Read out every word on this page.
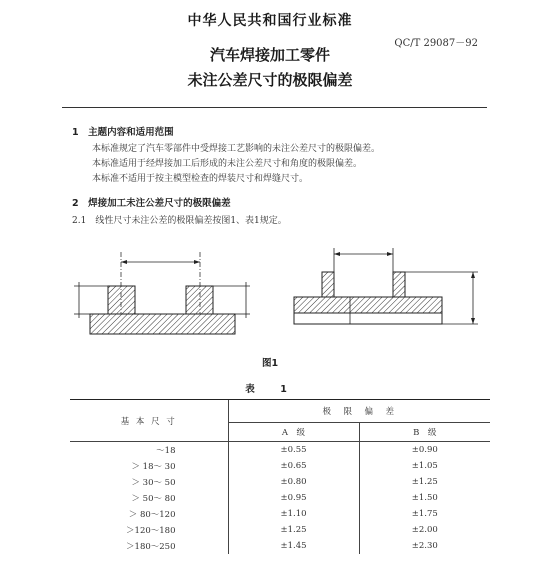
中华人民共和国行业标准
QC/T 29087－92
汽车焊接加工零件
未注公差尺寸的极限偏差
1　主题内容和适用范围
本标准规定了汽车零部件中受焊接工艺影响的未注公差尺寸的极限偏差。
本标准适用于经焊接加工后形成的未注公差尺寸和角度的极限偏差。
本标准不适用于按主模型检查的焊装尺寸和焊缝尺寸。
2　焊接加工未注公差尺寸的极限偏差
2.1　线性尺寸未注公差的极限偏差按图1、表1规定。
图1
表　1
基 本 尺 寸	极　限　偏　差	
	A　级	B　级
～18	±0.55	±0.90
＞ 18～ 30	±0.65	±1.05
＞ 30～ 50	±0.80	±1.25
＞ 50～ 80	±0.95	±1.50
＞ 80～120	±1.10	±1.75
＞120～180	±1.25	±2.00
＞180～250	±1.45	±2.30
